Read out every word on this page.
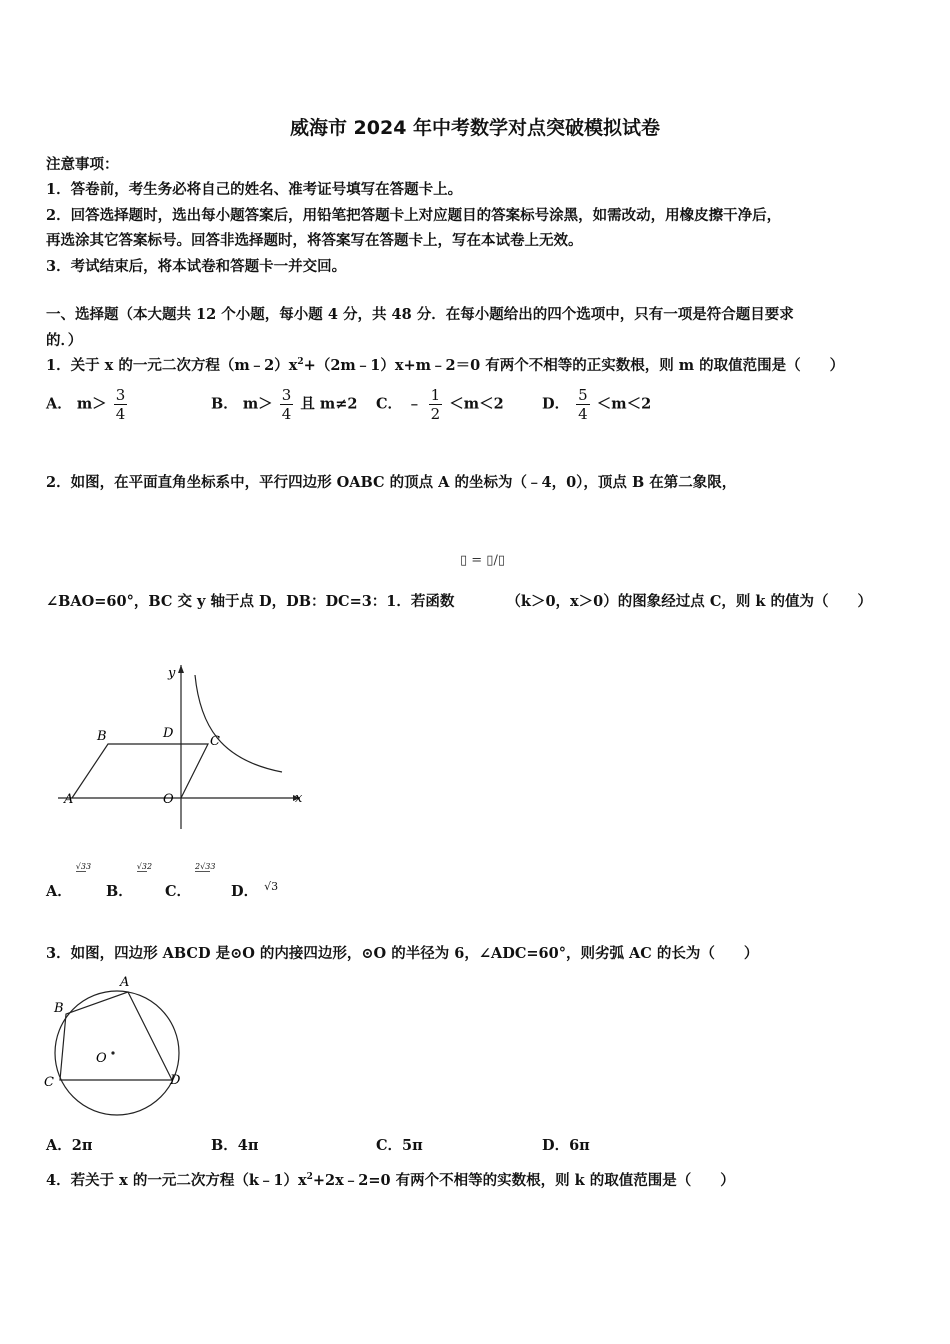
威海市 2024 年中考数学对点突破模拟试卷
注意事项：
1．答卷前，考生务必将自己的姓名、准考证号填写在答题卡上。
2．回答选择题时，选出每小题答案后，用铅笔把答题卡上对应题目的答案标号涂黑，如需改动，用橡皮擦干净后，
再选涂其它答案标号。回答非选择题时，将答案写在答题卡上，写在本试卷上无效。
3．考试结束后，将本试卷和答题卡一并交回。
一、选择题（本大题共 12 个小题，每小题 4 分，共 48 分．在每小题给出的四个选项中，只有一项是符合题目要求
的．）
1．关于 x 的一元二次方程$(m﹣2)x^2+(2m﹣1)x+m﹣2=0$ 有两个不相等的正实数根，则 m 的取值范围是（　　）
A． $m> \frac{3}{4}$	B． $m> \frac{3}{4}$ 且 m≠2 C． ﹣ $\frac{1}{2} <m<2$	D． $\frac{5}{4} <m<2$
2．如图，在平面直角坐标系中，平行四边形 OABC 的顶点 A 的坐标为（﹣4，0），顶点 B 在第二象限，
▯ = ▯/▯
∠BAO=60°，BC 交 y 轴于点 D，DB：DC=3：1．若函数	（k＞0，x＞0）的图象经过点 C，则 k 的值为（　　）
y
x
B	D
C
A	O
A．√33
B．√32
C．2√33
D． $^{√3}$
3．如图，四边形 ABCD 是⊙O 的内接四边形，⊙O 的半径为 6，∠ADC=60°，则劣弧 AC 的长为（　　）
A
B
C	D
O
A．2π	B．4π	C．5π	D．6π
4．若关于 x 的一元二次方程$(k﹣1)x^2+2x﹣2=0$ 有两个不相等的实数根，则 k 的取值范围是（　　）
